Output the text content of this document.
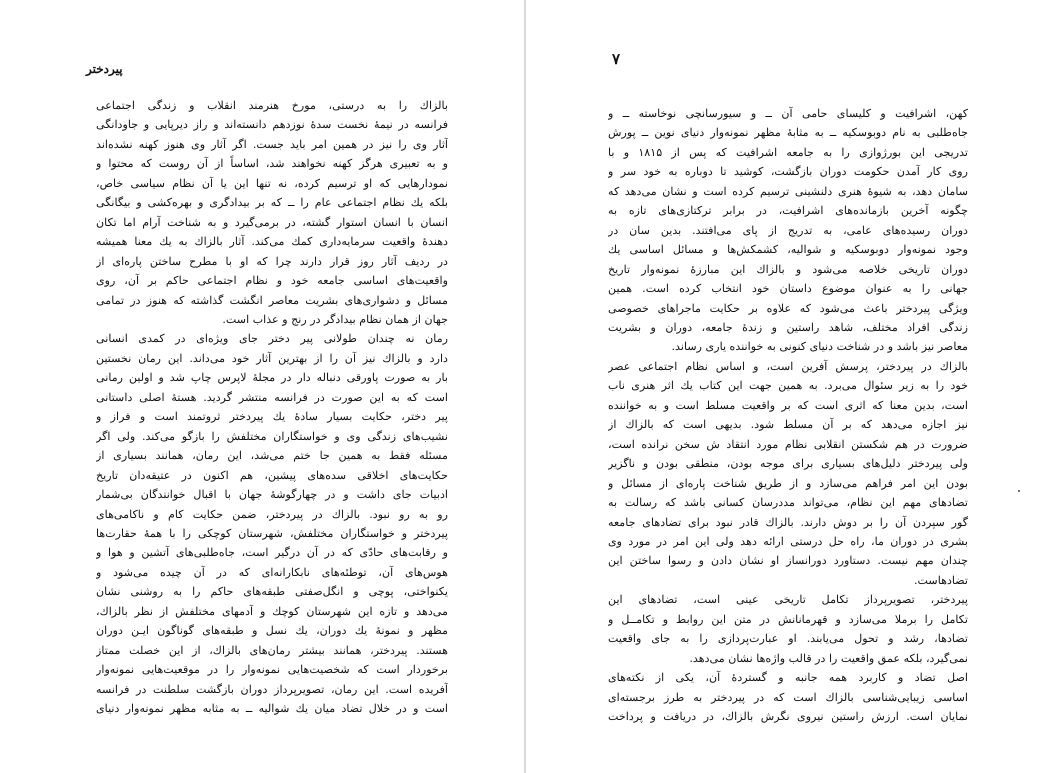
پیردختر
بالزاك را به درستی، مورخ هنرمند انقلاب و زندگی اجتماعی
فرانسه در نیمهٔ نخست سدهٔ نوزدهم دانسته‌اند و راز دیرپایی و جاودانگی
آثار وی را نیز در همین امر باید جست. اگر آثار وی هنوز کهنه نشده‌اند
و به تعبیری هرگز کهنه نخواهند شد، اساساً از آن روست که محتوا و
نمودارهایی که او ترسیم کرده، نه تنها این یا آن نظام سیاسی خاص،
بلکه یك نظام اجتماعی عام را ــ که بر بیدادگری و بهره‌کشی و بیگانگی
انسان با انسان استوار گشته، در برمی‌گیرد و به شناخت آرام اما تکان
دهندهٔ واقعیت سرمایه‌داری کمك می‌کند. آثار بالزاك به یك معنا همیشه
در ردیف آثار روز قرار دارند چرا که او با مطرح ساختن پاره‌ای از
واقعیت‌های اساسی جامعه خود و نظام اجتماعی حاکم بر آن، روی
مسائل و دشواری‌های بشریت معاصر انگشت گذاشته که هنوز در تمامی
جهان از همان نظام بیدادگر در رنج و عذاب است.
رمان نه چندان طولانی پیر دختر جای ویژه‌ای در کمدی انسانی
دارد و بالزاك نیز آن را از بهترین آثار خود می‌داند. این رمان نخستین
بار به صورت پاورقی دنباله دار در مجلهٔ لاپرس چاپ شد و اولین رمانی
است که به این صورت در فرانسه منتشر گردید. هستهٔ اصلی داستانی
پیر دختر، حکایت بسیار سادهٔ یك پیردختر ثروتمند است و فراز و
نشیب‌های زندگی وی و خواستگاران مختلفش را بازگو می‌کند. ولی اگر
مسئله فقط به همین جا ختم می‌شد، این رمان، همانند بسیاری از
حکایت‌های اخلاقی سده‌های پیشین، هم اکنون در عتیقه‌دان تاریخ
ادبیات جای داشت و در چهارگوشهٔ جهان با اقبال خوانندگان بی‌شمار
رو به رو نبود. بالزاك در پیردختر، ضمن حکایت کام و ناکامی‌های
پیردختر و خواستگاران مختلفش، شهرستان کوچکی را با همهٔ حقارت‌ها
و رقابت‌های حادّی که در آن درگیر است، جاه‌طلبی‌های آتشین و هوا و
هوس‌های آن، توطئه‌های نابکارانه‌ای که در آن چیده می‌شود و
یکنواختی، پوچی و انگل‌صفتی طبقه‌های حاکم را به روشنی نشان
می‌دهد و تازه این شهرستان کوچك و آدمهای مختلفش از نظر بالزاك،
مظهر و نمونهٔ یك دوران، یك نسل و طبقه‌های گوناگون ایـن دوران
هستند. پیردختر، همانند بیشتر رمان‌های بالزاك، از این خصلت ممتاز
برخوردار است که شخصیت‌هایی نمونه‌وار را در موقعیت‌هایی نمونه‌وار
آفریده است. این رمان، تصویرپرداز دوران بازگشت سلطنت در فرانسه
است و در خلال تضاد میان یك شوالیه ــ به مثابه مظهر نمونه‌وار دنیای
۷
کهن، اشرافیت و کلیسای حامی آن ــ و سیورسانچی نوخاسته ــ و
جاه‌طلبی به نام دوبوسکیه ــ به مثابهٔ مظهر نمونه‌وار دنیای نوین ــ پورش
تدریجی این بورژوازی را به جامعه اشرافیت که پس از ۱۸۱۵ و با
روی کار آمدن حکومت دوران بازگشت، کوشید تا دوباره به خود سر و
سامان دهد، به شیوهٔ هنری دلنشینی ترسیم کرده است و نشان می‌دهد که
چگونه آخرین بازمانده‌های اشرافیت، در برابر ترکتازی‌های تازه به
دوران رسیده‌های عامی، به تدریج از پای می‌افتند. بدین سان در
وجود نمونه‌وار دوبوسکیه و شوالیه، کشمکش‌ها و مسائل اساسی یك
دوران تاریخی خلاصه می‌شود و بالزاك این مبارزهٔ نمونه‌وار تاریخ
جهانی را به عنوان موضوع داستان خود انتخاب کرده است. همین
ویژگی پیردختر باعث می‌شود که علاوه بر حکایت ماجراهای خصوصی
زندگی افراد مختلف، شاهد راستین و زندهٔ جامعه، دوران و بشریت
معاصر نیز باشد و در شناخت دنیای کنونی به خواننده یاری رساند.
بالزاك در پیردختر، پرسش آفرین است، و اساس نظام اجتماعی عصر
خود را به زیر سئوال می‌برد. به همین جهت این کتاب یك اثر هنری ناب
است، بدین معنا که اثری است که بر واقعیت مسلط است و به خواننده
نیز اجازه می‌دهد که بر آن مسلط شود. بدیهی است که بالزاك از
ضرورت در هم شکستن انقلابی نظام مورد انتقاد ش سخن نرانده است،
ولی پیردختر دلیل‌های بسیاری برای موجه بودن، منطقی بودن و ناگزیر
بودن این امر فراهم می‌سازد و از طریق شناخت پاره‌ای از مسائل و
تضادهای مهم این نظام، می‌تواند مددرسان کسانی باشد که رسالت به
گور سپردن آن را بر دوش دارند. بالزاك قادر نبود برای تضادهای جامعه
بشری در دوران ما، راه حل درستی ارائه دهد ولی این امر در مورد وی
چندان مهم نیست. دستاورد دورانساز او نشان دادن و رسوا ساختن این
تضادهاست.
پیردختر، تصویرپرداز تکامل تاریخی عینی است، تضادهای این
تکامل را برملا می‌سازد و قهرمانانش در متن این روابط و تکامــل و
تضادها، رشد و تحول می‌یابند. او عبارت‌پردازی را به جای واقعیت
نمی‌گیرد، بلکه عمق واقعیت را در قالب واژه‌ها نشان می‌دهد.
اصل تضاد و کاربرد همه جانبه و گستردهٔ آن، یکی از نکته‌های
اساسی زیبایی‌شناسی بالزاك است که در پیردختر به طرز برجسته‌ای
نمایان است. ارزش راستین نیروی نگرش بالزاك، در دریافت و پرداخت
